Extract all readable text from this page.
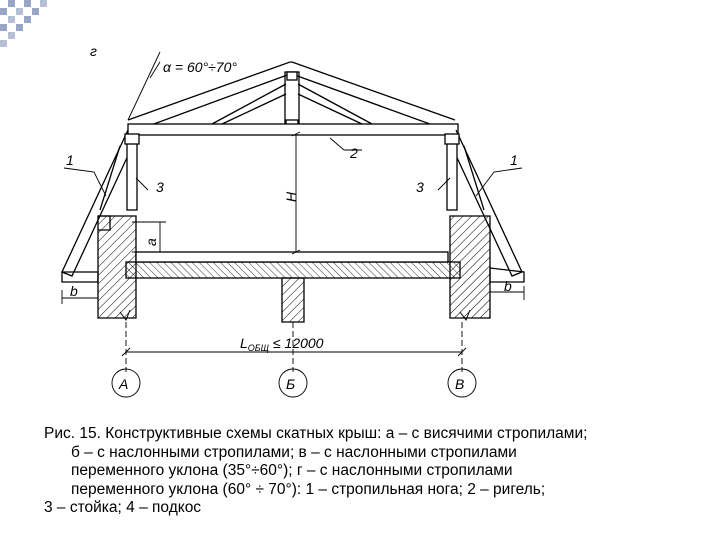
г
α = 60°÷70°
1	1
2
3	3
H
a
b	b
$L_{ОБЩ} \le 12000$
А	Б	В
Рис. 15. Конструктивные схемы скатных крыш: а – с висячими стропилами;
б – с наслонными стропилами; в – с наслонными стропилами
переменного уклона (35°÷60°); г – с наслонными стропилами
переменного уклона (60° ÷ 70°): 1 – стропильная нога; 2 – ригель;
3 – стойка; 4 – подкос
